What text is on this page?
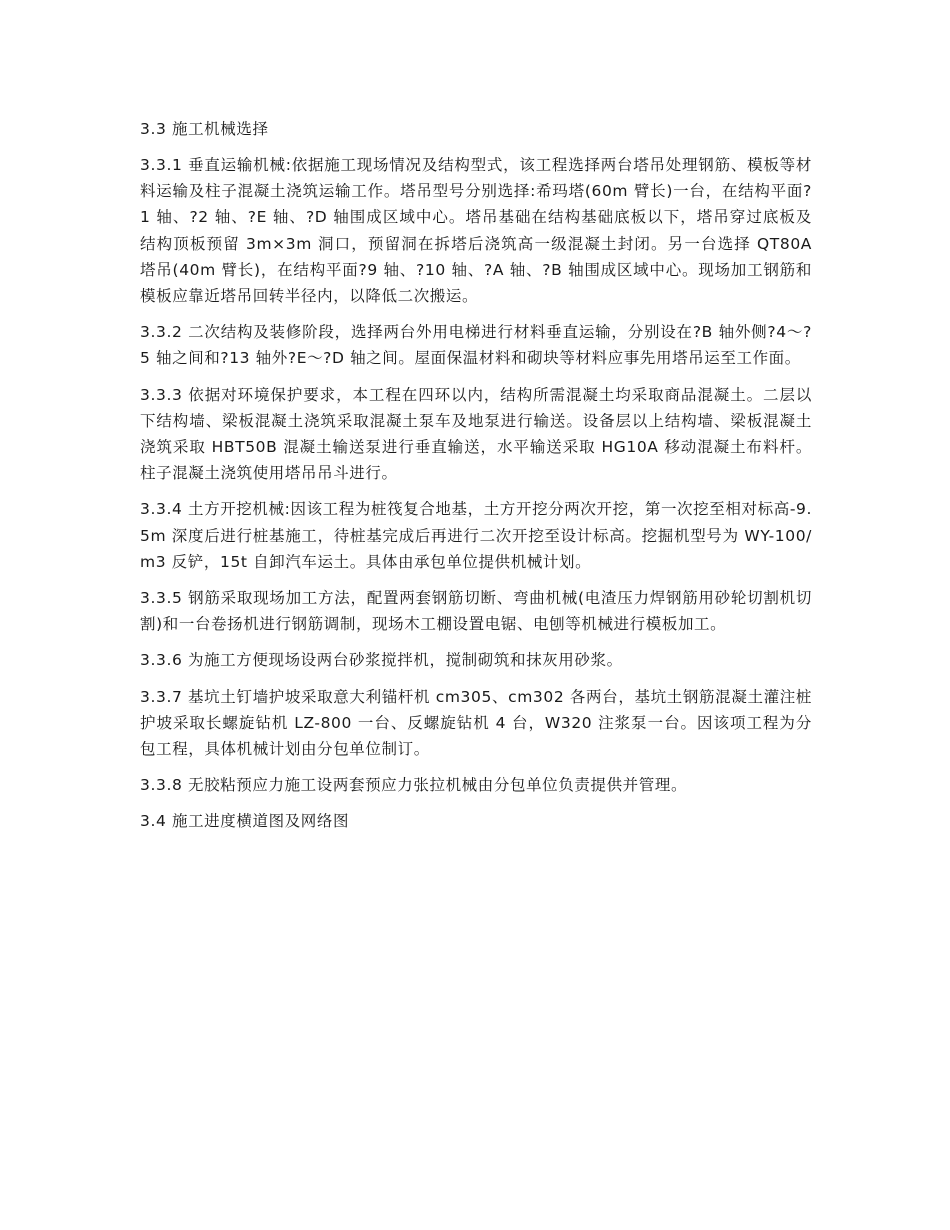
3.3 施工机械选择

3.3.1 垂直运输机械:依据施工现场情况及结构型式，该工程选择两台塔吊处理钢筋、模板等材料运输及柱子混凝土浇筑运输工作。塔吊型号分别选择:希玛塔(60m 臂长)一台，在结构平面?1 轴、?2 轴、?E 轴、?D 轴围成区域中心。塔吊基础在结构基础底板以下，塔吊穿过底板及结构顶板预留 3m×3m 洞口，预留洞在拆塔后浇筑高一级混凝土封闭。另一台选择 QT80A 塔吊(40m 臂长)，在结构平面?9 轴、?10 轴、?A 轴、?B 轴围成区域中心。现场加工钢筋和模板应靠近塔吊回转半径内，以降低二次搬运。

3.3.2 二次结构及装修阶段，选择两台外用电梯进行材料垂直运输，分别设在?B 轴外侧?4～?5 轴之间和?13 轴外?E～?D 轴之间。屋面保温材料和砌块等材料应事先用塔吊运至工作面。

3.3.3 依据对环境保护要求，本工程在四环以内，结构所需混凝土均采取商品混凝土。二层以下结构墙、梁板混凝土浇筑采取混凝土泵车及地泵进行输送。设备层以上结构墙、梁板混凝土浇筑采取 HBT50B 混凝土输送泵进行垂直输送，水平输送采取 HG10A 移动混凝土布料杆。柱子混凝土浇筑使用塔吊吊斗进行。

3.3.4 土方开挖机械:因该工程为桩筏复合地基，土方开挖分两次开挖，第一次挖至相对标高-9.5m 深度后进行桩基施工，待桩基完成后再进行二次开挖至设计标高。挖掘机型号为 WY-100/m3 反铲，15t 自卸汽车运土。具体由承包单位提供机械计划。

3.3.5 钢筋采取现场加工方法，配置两套钢筋切断、弯曲机械(电渣压力焊钢筋用砂轮切割机切割)和一台卷扬机进行钢筋调制，现场木工棚设置电锯、电刨等机械进行模板加工。

3.3.6 为施工方便现场设两台砂浆搅拌机，搅制砌筑和抹灰用砂浆。

3.3.7 基坑土钉墙护坡采取意大利锚杆机 cm305、cm302 各两台，基坑土钢筋混凝土灌注桩护坡采取长螺旋钻机 LZ-800 一台、反螺旋钻机 4 台，W320 注浆泵一台。因该项工程为分包工程，具体机械计划由分包单位制订。

3.3.8 无胶粘预应力施工设两套预应力张拉机械由分包单位负责提供并管理。

3.4 施工进度横道图及网络图
